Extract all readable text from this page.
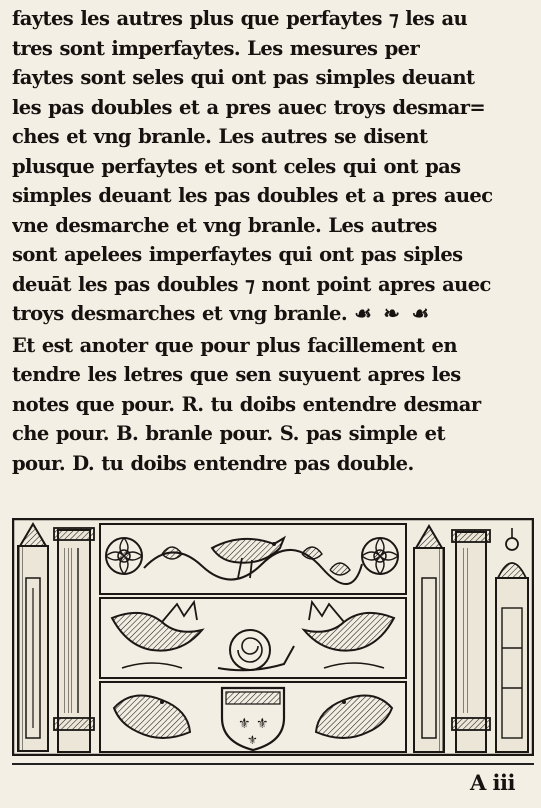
faytes les autres plus que perfaytes ⁊ les au
tres sont imperfaytes. Les mesures per
faytes sont seles qui ont pas simples deuant
les pas doubles et a pres auec troys desmar=
ches et vng branle. Les autres se disent
plusque perfaytes et sont celes qui ont pas
simples deuant les pas doubles et a pres auec
vne desmarche et vng branle. Les autres
sont apelees imperfaytes qui ont pas siples
deuāt les pas doubles ⁊ nont point apres auec
troys desmarches et vng branle. ☙ ❧ ☙
Et est anoter que pour plus facillement en
tendre les letres que sen suyuent apres les
notes que pour. R. tu doibs entendre desmar
che pour. B. branle pour. S. pas simple et
pour. D. tu doibs entendre pas double.
⚜ ⚜
⚜
A iii
